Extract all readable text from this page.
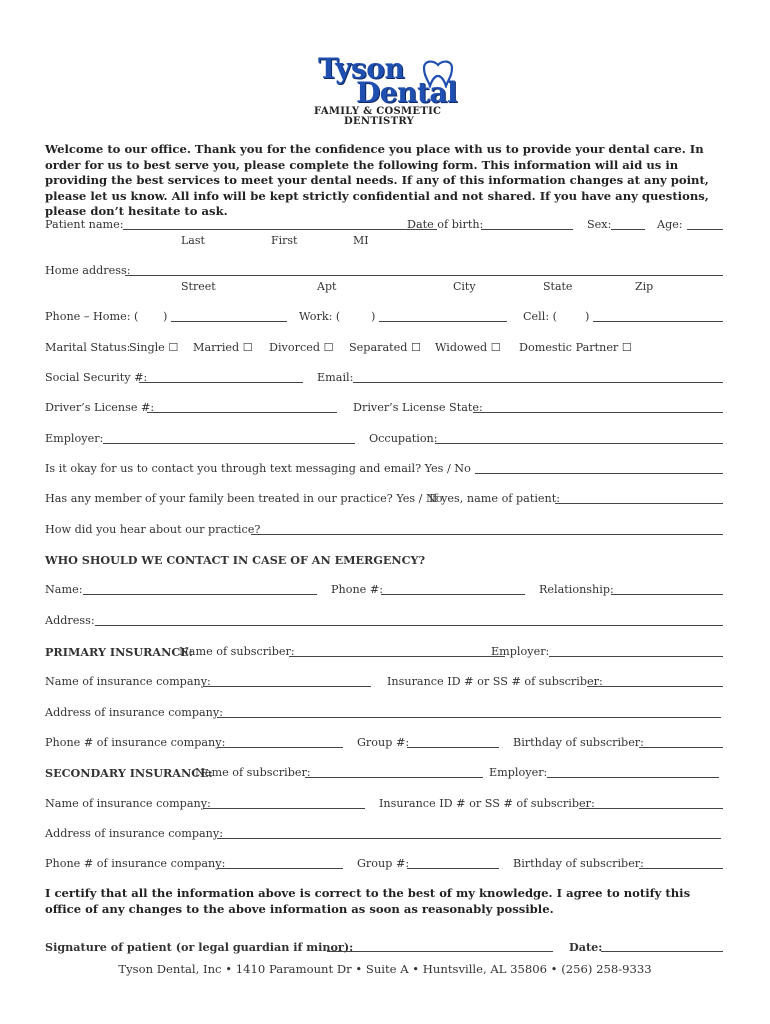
Tyson
Dental
FAMILY & COSMETIC
DENTISTRY
Welcome to our office. Thank you for the confidence you place with us to provide your dental care. In order for us to best serve you, please complete the following form. This information will aid us in providing the best services to meet your dental needs. If any of this information changes at any point, please let us know. All info will be kept strictly confidential and not shared. If you have any questions, please don’t hesitate to ask.
Patient name:	Date of birth:	Sex:	Age:
Last	First	MI
Home address:
Street	Apt	City	State	Zip
Phone – Home: ( )	Work: (	)	Cell: ( )
Marital Status:
Single ☐ Married ☐ Divorced ☐ Separated ☐ Widowed ☐ Domestic Partner ☐
Social Security #:	Email:
Driver’s License #:	Driver’s License State:
Employer:	Occupation:
Is it okay for us to contact you through text messaging and email? Yes / No
Has any member of your family been treated in our practice? Yes / No
If yes, name of patient:
How did you hear about our practice?
WHO SHOULD WE CONTACT IN CASE OF AN EMERGENCY?
Name:	Phone #:	Relationship:
Address:
PRIMARY INSURANCE:
Name of subscriber:	Employer:
Name of insurance company:	Insurance ID # or SS # of subscriber:
Address of insurance company:
Phone # of insurance company:	Group #:	Birthday of subscriber:
SECONDARY INSURANCE:
Name of subscriber:	Employer:
Name of insurance company:	Insurance ID # or SS # of subscriber:
Address of insurance company:
Phone # of insurance company:	Group #:	Birthday of subscriber:
I certify that all the information above is correct to the best of my knowledge. I agree to notify this office of any changes to the above information as soon as reasonably possible.
Signature of patient (or legal guardian if minor):	Date:
Tyson Dental, Inc • 1410 Paramount Dr • Suite A • Huntsville, AL 35806 • (256) 258-9333
